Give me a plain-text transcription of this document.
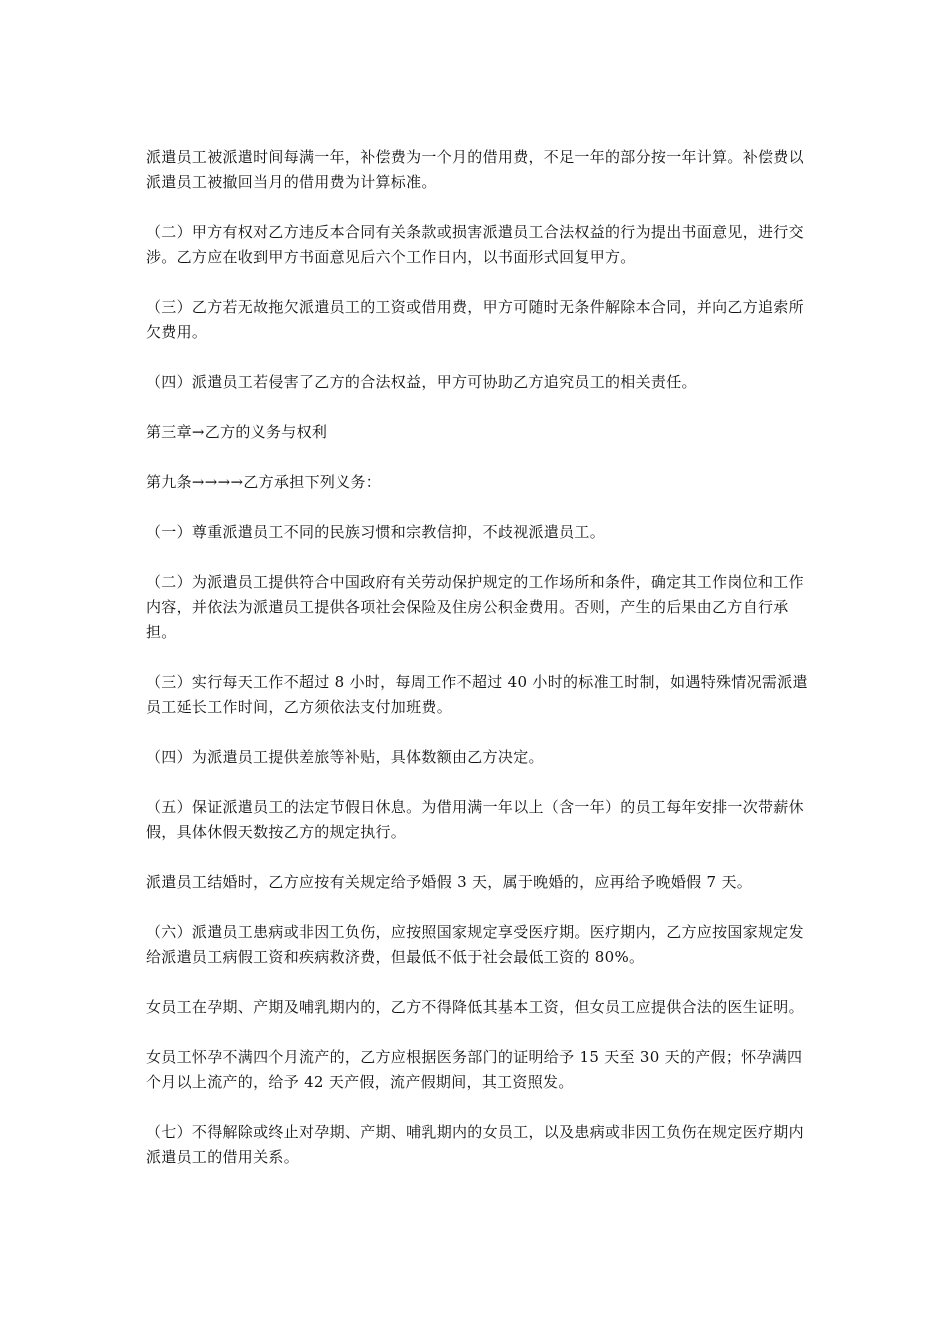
派遣员工被派遣时间每满一年，补偿费为一个月的借用费，不足一年的部分按一年计算。补偿费以派遣员工被撤回当月的借用费为计算标准。

（二）甲方有权对乙方违反本合同有关条款或损害派遣员工合法权益的行为提出书面意见，进行交涉。乙方应在收到甲方书面意见后六个工作日内，以书面形式回复甲方。

（三）乙方若无故拖欠派遣员工的工资或借用费，甲方可随时无条件解除本合同，并向乙方追索所欠费用。

（四）派遣员工若侵害了乙方的合法权益，甲方可协助乙方追究员工的相关责任。

第三章→乙方的义务与权利

第九条→→→→乙方承担下列义务：

（一）尊重派遣员工不同的民族习惯和宗教信抑，不歧视派遣员工。

（二）为派遣员工提供符合中国政府有关劳动保护规定的工作场所和条件，确定其工作岗位和工作内容，并依法为派遣员工提供各项社会保险及住房公积金费用。否则，产生的后果由乙方自行承担。

（三）实行每天工作不超过 8 小时，每周工作不超过 40 小时的标准工时制，如遇特殊情况需派遣员工延长工作时间，乙方须依法支付加班费。

（四）为派遣员工提供差旅等补贴，具体数额由乙方决定。

（五）保证派遣员工的法定节假日休息。为借用满一年以上（含一年）的员工每年安排一次带薪休假，具体休假天数按乙方的规定执行。

派遣员工结婚时，乙方应按有关规定给予婚假 3 天，属于晚婚的，应再给予晚婚假 7 天。

（六）派遣员工患病或非因工负伤，应按照国家规定享受医疗期。医疗期内，乙方应按国家规定发给派遣员工病假工资和疾病救济费，但最低不低于社会最低工资的 80%。

女员工在孕期、产期及哺乳期内的，乙方不得降低其基本工资，但女员工应提供合法的医生证明。

女员工怀孕不满四个月流产的，乙方应根据医务部门的证明给予 15 天至 30 天的产假；怀孕满四个月以上流产的，给予 42 天产假，流产假期间，其工资照发。

（七）不得解除或终止对孕期、产期、哺乳期内的女员工，以及患病或非因工负伤在规定医疗期内派遣员工的借用关系。
